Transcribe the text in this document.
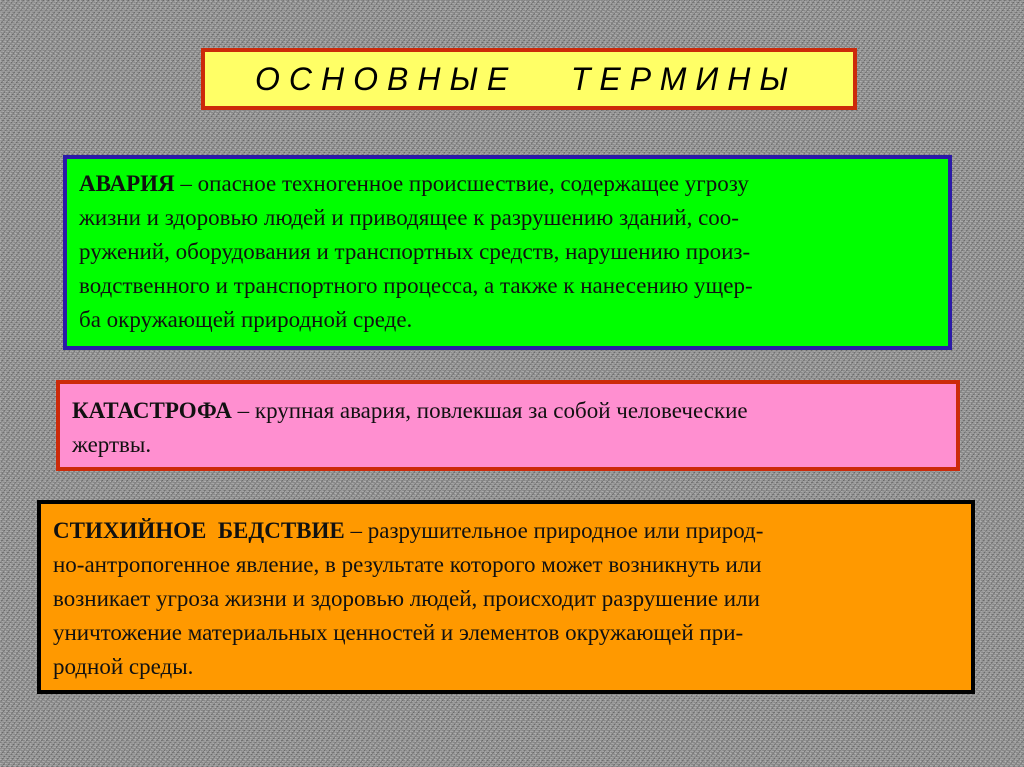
ОСНОВНЫЕ   ТЕРМИНЫ
АВАРИЯ – опасное техногенное происшествие, содержащее угрозу
жизни и здоровью людей и приводящее к разрушению зданий, соо-
ружений, оборудования и транспортных средств, нарушению произ-
водственного и транспортного процесса, а также к нанесению ущер-
ба окружающей природной среде.
КАТАСТРОФА – крупная авария, повлекшая за собой человеческие
жертвы.
СТИХИЙНОЕ  БЕДСТВИЕ – разрушительное природное или природ-
но-антропогенное явление, в результате которого может возникнуть или
возникает угроза жизни и здоровью людей, происходит разрушение или
уничтожение материальных ценностей и элементов окружающей при-
родной среды.
